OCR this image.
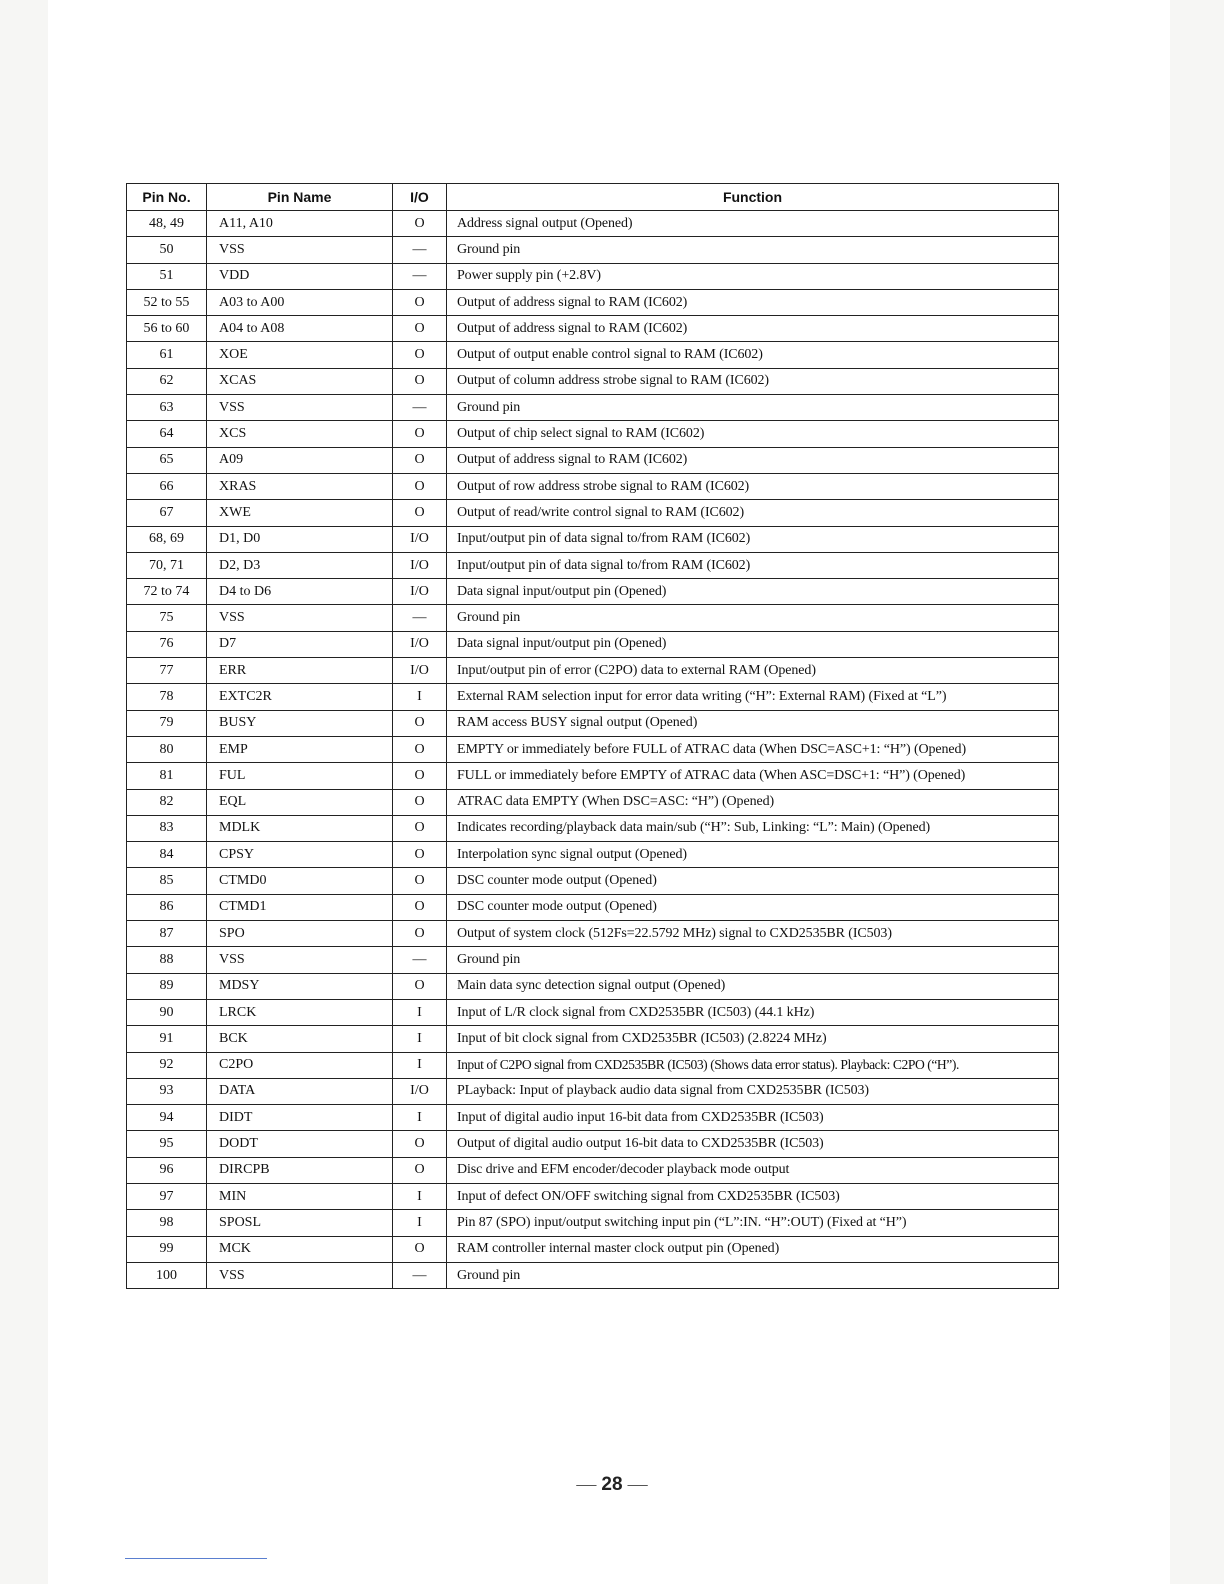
Pin No.	Pin Name	I/O	Function
48, 49	A11, A10	O	Address signal output (Opened)
50	VSS	—	Ground pin
51	VDD	—	Power supply pin (+2.8V)
52 to 55	A03 to A00	O	Output of address signal to RAM (IC602)
56 to 60	A04 to A08	O	Output of address signal to RAM (IC602)
61	XOE	O	Output of output enable control signal to RAM (IC602)
62	XCAS	O	Output of column address strobe signal to RAM (IC602)
63	VSS	—	Ground pin
64	XCS	O	Output of chip select signal to RAM (IC602)
65	A09	O	Output of address signal to RAM (IC602)
66	XRAS	O	Output of row address strobe signal to RAM (IC602)
67	XWE	O	Output of read/write control signal to RAM (IC602)
68, 69	D1, D0	I/O	Input/output pin of data signal to/from RAM (IC602)
70, 71	D2, D3	I/O	Input/output pin of data signal to/from RAM (IC602)
72 to 74	D4 to D6	I/O	Data signal input/output pin (Opened)
75	VSS	—	Ground pin
76	D7	I/O	Data signal input/output pin (Opened)
77	ERR	I/O	Input/output pin of error (C2PO) data to external RAM (Opened)
78	EXTC2R	I	External RAM selection input for error data writing (“H”: External RAM) (Fixed at “L”)
79	BUSY	O	RAM access BUSY signal output (Opened)
80	EMP	O	EMPTY or immediately before FULL of ATRAC data (When DSC=ASC+1: “H”) (Opened)
81	FUL	O	FULL or immediately before EMPTY of ATRAC data (When ASC=DSC+1: “H”) (Opened)
82	EQL	O	ATRAC data EMPTY (When DSC=ASC: “H”) (Opened)
83	MDLK	O	Indicates recording/playback data main/sub (“H”: Sub, Linking: “L”: Main) (Opened)
84	CPSY	O	Interpolation sync signal output (Opened)
85	CTMD0	O	DSC counter mode output (Opened)
86	CTMD1	O	DSC counter mode output (Opened)
87	SPO	O	Output of system clock (512Fs=22.5792 MHz) signal to CXD2535BR (IC503)
88	VSS	—	Ground pin
89	MDSY	O	Main data sync detection signal output (Opened)
90	LRCK	I	Input of L/R clock signal from CXD2535BR (IC503) (44.1 kHz)
91	BCK	I	Input of bit clock signal from CXD2535BR (IC503) (2.8224 MHz)
92	C2PO	I	Input of C2PO signal from CXD2535BR (IC503) (Shows data error status). Playback: C2PO (“H”).
93	DATA	I/O	PLayback: Input of playback audio data signal from CXD2535BR (IC503)
94	DIDT	I	Input of digital audio input 16-bit data from CXD2535BR (IC503)
95	DODT	O	Output of digital audio output 16-bit data to CXD2535BR (IC503)
96	DIRCPB	O	Disc drive and EFM encoder/decoder playback mode output
97	MIN	I	Input of defect ON/OFF switching signal from CXD2535BR (IC503)
98	SPOSL	I	Pin 87 (SPO) input/output switching input pin (“L”:IN. “H”:OUT) (Fixed at “H”)
99	MCK	O	RAM controller internal master clock output pin (Opened)
100	VSS	—	Ground pin
— 28 —
